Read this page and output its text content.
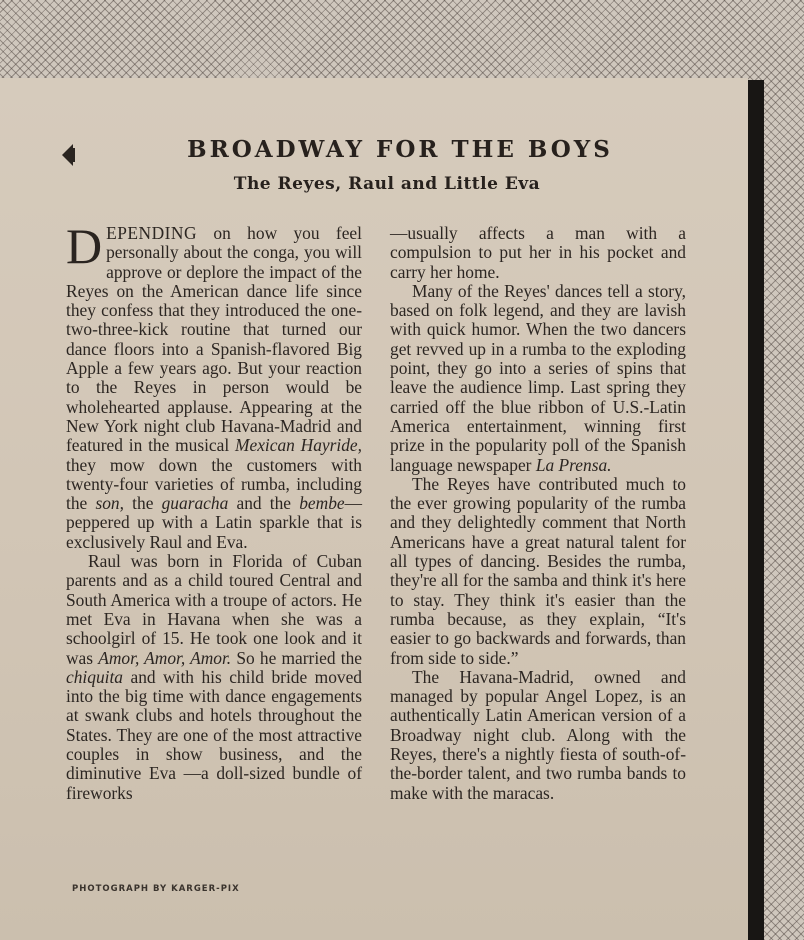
BROADWAY FOR THE BOYS
The Reyes, Raul and Little Eva

DEPENDING on how you feel personally about the conga, you will approve or deplore the impact of the Reyes on the American dance life since they confess that they introduced the one-two-three-kick routine that turned our dance floors into a Spanish-flavored Big Apple a few years ago. But your reaction to the Reyes in person would be wholehearted applause. Appearing at the New York night club Havana-Madrid and featured in the musical Mexican Hayride, they mow down the customers with twenty-four varieties of rumba, including the son, the guaracha and the bembe—peppered up with a Latin sparkle that is exclusively Raul and Eva.

Raul was born in Florida of Cuban parents and as a child toured Central and South America with a troupe of actors. He met Eva in Havana when she was a schoolgirl of 15. He took one look and it was Amor, Amor, Amor. So he married the chiquita and with his child bride moved into the big time with dance engagements at swank clubs and hotels throughout the States. They are one of the most attractive couples in show business, and the diminutive Eva —a doll-sized bundle of fireworks

—usually affects a man with a compulsion to put her in his pocket and carry her home.

Many of the Reyes' dances tell a story, based on folk legend, and they are lavish with quick humor. When the two dancers get revved up in a rumba to the exploding point, they go into a series of spins that leave the audience limp. Last spring they carried off the blue ribbon of U.S.-Latin America entertainment, winning first prize in the popularity poll of the Spanish language newspaper La Prensa.

The Reyes have contributed much to the ever growing popularity of the rumba and they delightedly comment that North Americans have a great natural talent for all types of dancing. Besides the rumba, they're all for the samba and think it's here to stay. They think it's easier than the rumba because, as they explain, “It's easier to go backwards and forwards, than from side to side.”

The Havana-Madrid, owned and managed by popular Angel Lopez, is an authentically Latin American version of a Broadway night club. Along with the Reyes, there's a nightly fiesta of south-of-the-border talent, and two rumba bands to make with the maracas.

PHOTOGRAPH BY KARGER-PIX
